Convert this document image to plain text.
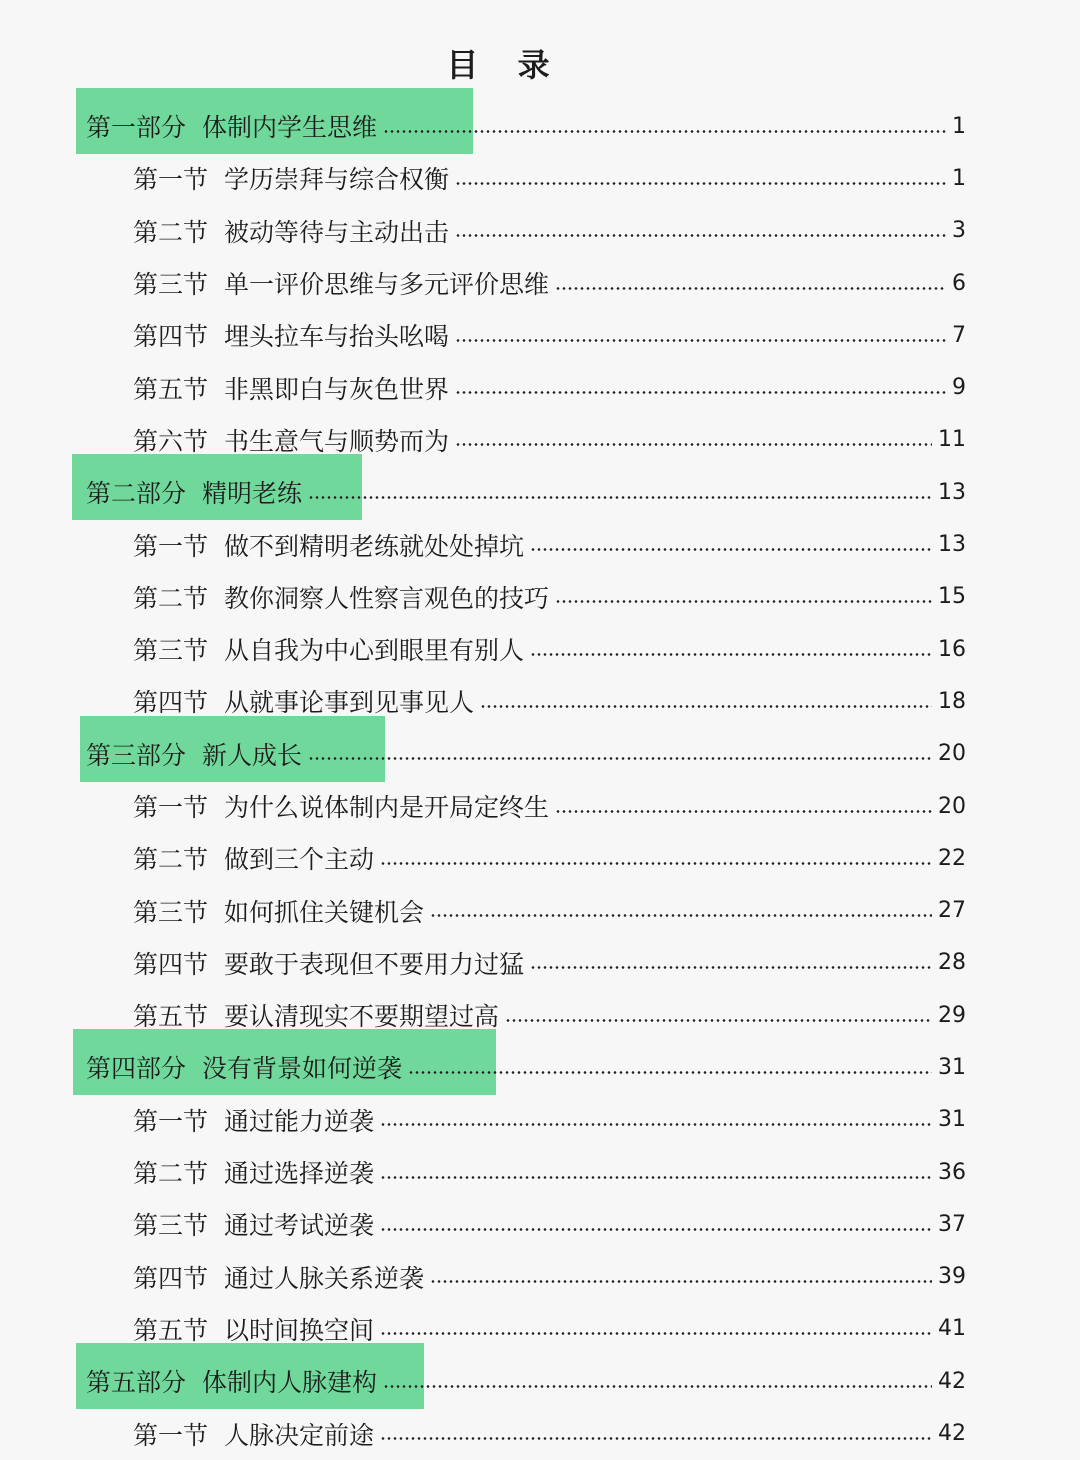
目 录
第一部分 体制内学生思维	1
第一节 学历崇拜与综合权衡	1
第二节 被动等待与主动出击	3
第三节 单一评价思维与多元评价思维	6
第四节 埋头拉车与抬头吆喝	7
第五节 非黑即白与灰色世界	9
第六节 书生意气与顺势而为	11
第二部分 精明老练	13
第一节 做不到精明老练就处处掉坑	13
第二节 教你洞察人性察言观色的技巧	15
第三节 从自我为中心到眼里有别人	16
第四节 从就事论事到见事见人	18
第三部分 新人成长	20
第一节 为什么说体制内是开局定终生	20
第二节 做到三个主动	22
第三节 如何抓住关键机会	27
第四节 要敢于表现但不要用力过猛	28
第五节 要认清现实不要期望过高	29
第四部分 没有背景如何逆袭	31
第一节 通过能力逆袭	31
第二节 通过选择逆袭	36
第三节 通过考试逆袭	37
第四节 通过人脉关系逆袭	39
第五节 以时间换空间	41
第五部分 体制内人脉建构	42
第一节 人脉决定前途	42
